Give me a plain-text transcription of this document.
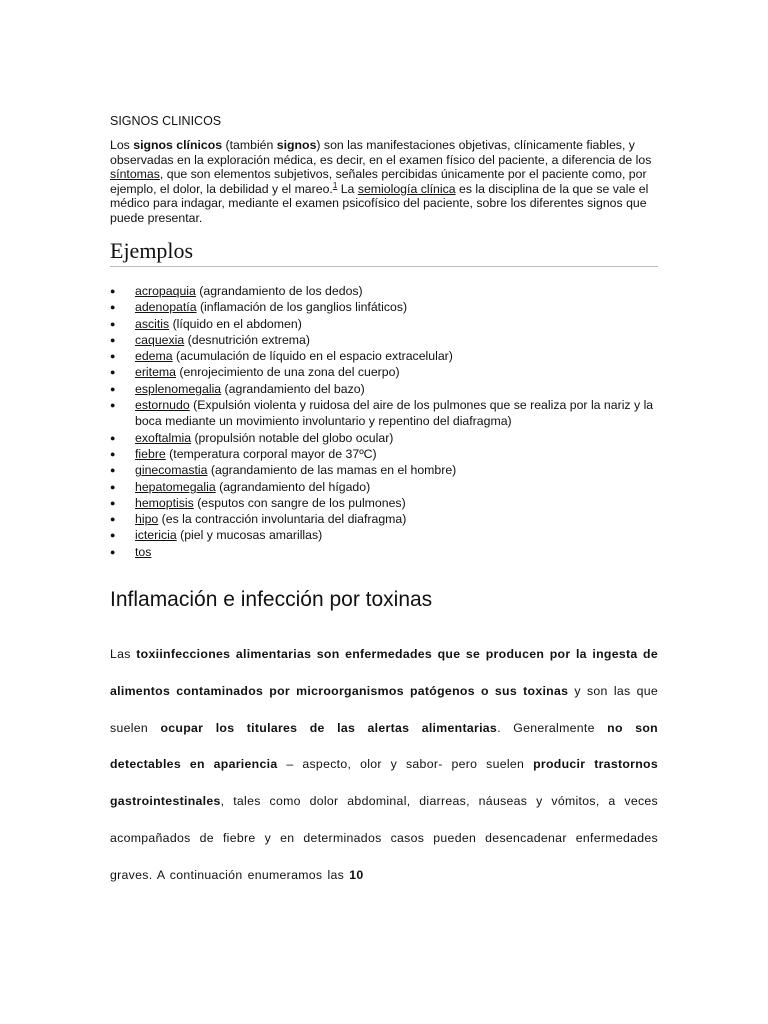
SIGNOS CLINICOS
Los signos clínicos (también signos) son las manifestaciones objetivas, clínicamente fiables, y observadas en la exploración médica, es decir, en el examen físico del paciente, a diferencia de los síntomas, que son elementos subjetivos, señales percibidas únicamente por el paciente como, por ejemplo, el dolor, la debilidad y el mareo.$^1$ La semiología clínica es la disciplina de la que se vale el médico para indagar, mediante el examen psicofísico del paciente, sobre los diferentes signos que puede presentar.
Ejemplos
● acropaquia (agrandamiento de los dedos)
● adenopatía (inflamación de los ganglios linfáticos)
● ascitis (líquido en el abdomen)
● caquexia (desnutrición extrema)
● edema (acumulación de líquido en el espacio extracelular)
● eritema (enrojecimiento de una zona del cuerpo)
● esplenomegalia (agrandamiento del bazo)
● estornudo (Expulsión violenta y ruidosa del aire de los pulmones que se realiza por la nariz y la boca mediante un movimiento involuntario y repentino del diafragma)
● exoftalmia (propulsión notable del globo ocular)
● fiebre (temperatura corporal mayor de 37ºC)
● ginecomastia (agrandamiento de las mamas en el hombre)
● hepatomegalia (agrandamiento del hígado)
● hemoptisis (esputos con sangre de los pulmones)
● hipo (es la contracción involuntaria del diafragma)
● ictericia (piel y mucosas amarillas)
● tos
Inflamación e infección por toxinas
Las toxiinfecciones alimentarias son enfermedades que se producen por la ingesta de alimentos contaminados por microorganismos patógenos o sus toxinas y son las que suelen ocupar los titulares de las alertas alimentarias. Generalmente no son detectables en apariencia – aspecto, olor y sabor- pero suelen producir trastornos gastrointestinales, tales como dolor abdominal, diarreas, náuseas y vómitos, a veces acompañados de fiebre y en determinados casos pueden desencadenar enfermedades graves. A continuación enumeramos las 10
